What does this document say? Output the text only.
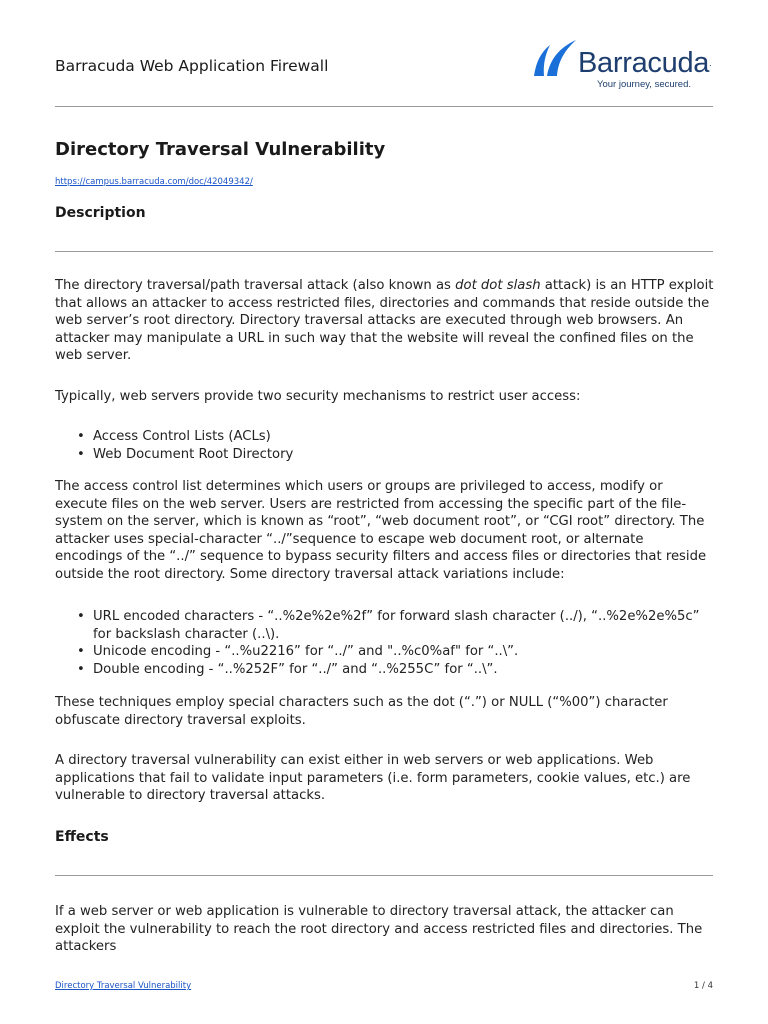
Barracuda Web Application Firewall	Barracuda.
Your journey, secured.
Directory Traversal Vulnerability
https://campus.barracuda.com/doc/42049342/
Description

The directory traversal/path traversal attack (also known as dot dot slash attack) is an HTTP exploit that allows an attacker to access restricted files, directories and commands that reside outside the web server’s root directory. Directory traversal attacks are executed through web browsers. An attacker may manipulate a URL in such way that the website will reveal the confined files on the web server.

Typically, web servers provide two security mechanisms to restrict user access:

• Access Control Lists (ACLs)
• Web Document Root Directory

The access control list determines which users or groups are privileged to access, modify or execute files on the web server. Users are restricted from accessing the specific part of the file-system on the server, which is known as “root”, “web document root”, or “CGI root” directory. The attacker uses special-character “../”sequence to escape web document root, or alternate encodings of the “../” sequence to bypass security filters and access files or directories that reside outside the root directory. Some directory traversal attack variations include:

• URL encoded characters - “..%2e%2e%2f” for forward slash character (../), “..%2e%2e%5c” for backslash character (..\).
• Unicode encoding - “..%u2216” for “../” and "..%c0%af" for “..\”.
• Double encoding - “..%252F” for “../” and “..%255C” for “..\”.

These techniques employ special characters such as the dot (“.”) or NULL (“%00”) character obfuscate directory traversal exploits.

A directory traversal vulnerability can exist either in web servers or web applications. Web applications that fail to validate input parameters (i.e. form parameters, cookie values, etc.) are vulnerable to directory traversal attacks.

Effects

If a web server or web application is vulnerable to directory traversal attack, the attacker can exploit the vulnerability to reach the root directory and access restricted files and directories. The attackers

Directory Traversal Vulnerability	1 / 4
